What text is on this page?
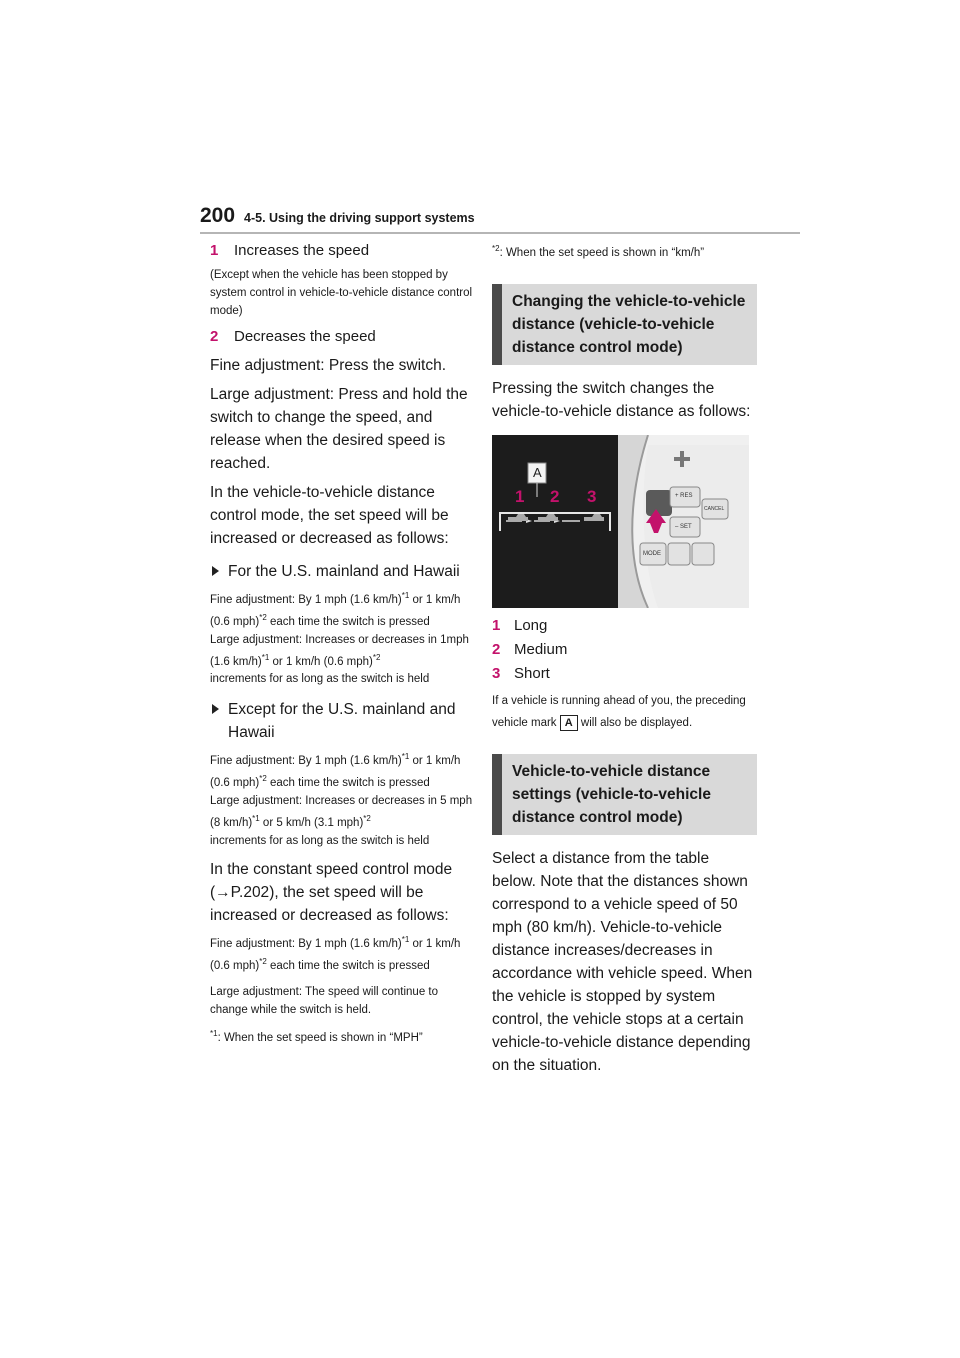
200 4-5. Using the driving support systems
1 Increases the speed

(Except when the vehicle has been stopped by system control in vehicle-to-vehicle distance control mode)

2 Decreases the speed

Fine adjustment: Press the switch.

Large adjustment: Press and hold the switch to change the speed, and release when the desired speed is reached.

In the vehicle-to-vehicle distance control mode, the set speed will be increased or decreased as follows:

For the U.S. mainland and Hawaii

Fine adjustment: By 1 mph (1.6 km/h)$^{*1}$ or 1 km/h (0.6 mph)$^{*2}$ each time the switch is pressed
Large adjustment: Increases or decreases in 1mph (1.6 km/h)$^{*1}$ or 1 km/h (0.6 mph)$^{*2}$
increments for as long as the switch is held

Except for the U.S. mainland and Hawaii

Fine adjustment: By 1 mph (1.6 km/h)$^{*1}$ or 1 km/h (0.6 mph)$^{*2}$ each time the switch is pressed
Large adjustment: Increases or decreases in 5 mph (8 km/h)$^{*1}$ or 5 km/h (3.1 mph)$^{*2}$
increments for as long as the switch is held

In the constant speed control mode (→P.202), the set speed will be increased or decreased as follows:

Fine adjustment: By 1 mph (1.6 km/h)$^{*1}$ or 1 km/h (0.6 mph)$^{*2}$ each time the switch is pressed

Large adjustment: The speed will continue to change while the switch is held.

$^{*1}$: When the set speed is shown in “MPH”

$^{*2}$: When the set speed is shown in “km/h”

Changing the vehicle-to-vehicle distance (vehicle-to-vehicle distance control mode)

Pressing the switch changes the vehicle-to-vehicle distance as follows:

A
1 2 3	+ RES
– SET
CANCEL
MODE
1 Long
2 Medium
3 Short

If a vehicle is running ahead of you, the preceding vehicle mark A will also be displayed.

Vehicle-to-vehicle distance settings (vehicle-to-vehicle distance control mode)

Select a distance from the table below. Note that the distances shown correspond to a vehicle speed of 50 mph (80 km/h). Vehicle-to-vehicle distance increases/decreases in accordance with vehicle speed. When the vehicle is stopped by system control, the vehicle stops at a certain vehicle-to-vehicle distance depending on the situation.
